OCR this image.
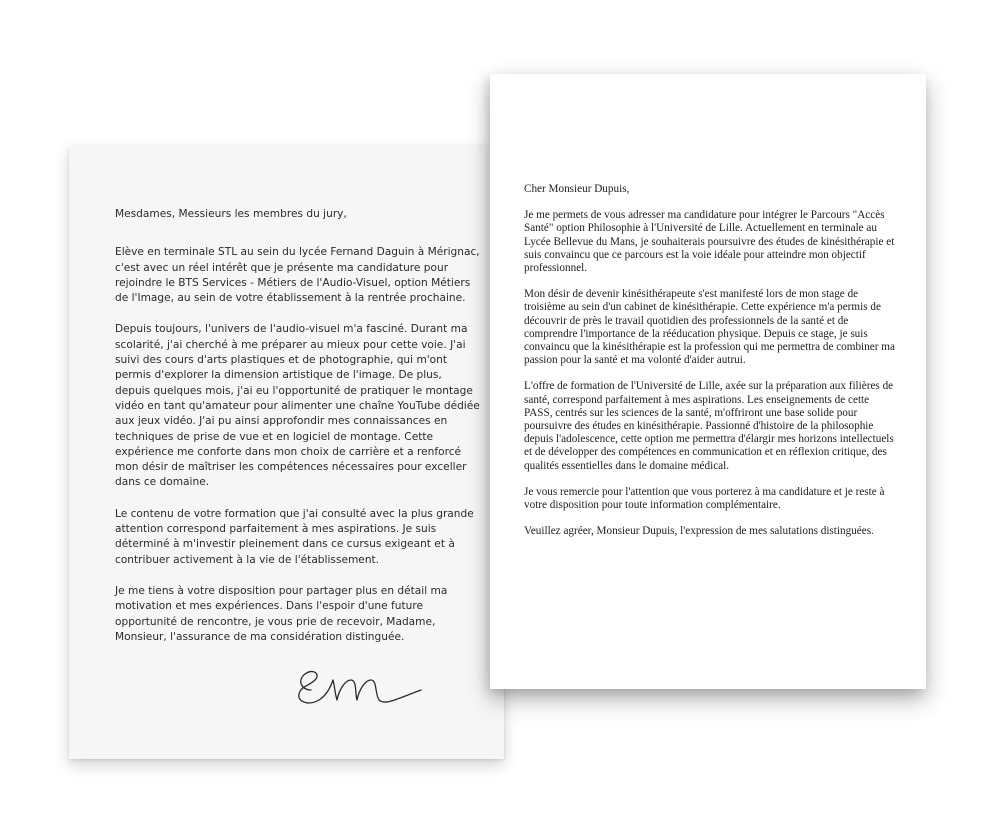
Mesdames, Messieurs les membres du jury,

Elève en terminale STL au sein du lycée Fernand Daguin à Mérignac, c'est avec un réel intérêt que je présente ma candidature pour rejoindre le BTS Services - Métiers de l'Audio-Visuel, option Métiers de l'Image, au sein de votre établissement à la rentrée prochaine.

Depuis toujours, l'univers de l'audio-visuel m'a fasciné. Durant ma scolarité, j'ai cherché à me préparer au mieux pour cette voie. J'ai suivi des cours d'arts plastiques et de photographie, qui m'ont permis d'explorer la dimension artistique de l'image. De plus, depuis quelques mois, j'ai eu l'opportunité de pratiquer le montage vidéo en tant qu'amateur pour alimenter une chaîne YouTube dédiée aux jeux vidéo. J'ai pu ainsi approfondir mes connaissances en techniques de prise de vue et en logiciel de montage. Cette expérience me conforte dans mon choix de carrière et a renforcé mon désir de maîtriser les compétences nécessaires pour exceller dans ce domaine.

Le contenu de votre formation que j'ai consulté avec la plus grande attention correspond parfaitement à mes aspirations. Je suis déterminé à m'investir pleinement dans ce cursus exigeant et à contribuer activement à la vie de l'établissement.

Je me tiens à votre disposition pour partager plus en détail ma motivation et mes expériences. Dans l'espoir d'une future opportunité de rencontre, je vous prie de recevoir, Madame, Monsieur, l'assurance de ma considération distinguée.

Cher Monsieur Dupuis,

Je me permets de vous adresser ma candidature pour intégrer le Parcours "Accès Santé" option Philosophie à l'Université de Lille. Actuellement en terminale au Lycée Bellevue du Mans, je souhaiterais poursuivre des études de kinésithérapie et suis convaincu que ce parcours est la voie idéale pour atteindre mon objectif professionnel.

Mon désir de devenir kinésithérapeute s'est manifesté lors de mon stage de troisième au sein d'un cabinet de kinésithérapie. Cette expérience m'a permis de découvrir de près le travail quotidien des professionnels de la santé et de comprendre l'importance de la rééducation physique. Depuis ce stage, je suis convaincu que la kinésithérapie est la profession qui me permettra de combiner ma passion pour la santé et ma volonté d'aider autrui.

L'offre de formation de l'Université de Lille, axée sur la préparation aux filières de santé, correspond parfaitement à mes aspirations. Les enseignements de cette PASS, centrés sur les sciences de la santé, m'offriront une base solide pour poursuivre des études en kinésithérapie. Passionné d'histoire de la philosophie depuis l'adolescence, cette option me permettra d'élargir mes horizons intellectuels et de développer des compétences en communication et en réflexion critique, des qualités essentielles dans le domaine médical.

Je vous remercie pour l'attention que vous porterez à ma candidature et je reste à votre disposition pour toute information complémentaire.

Veuillez agréer, Monsieur Dupuis, l'expression de mes salutations distinguées.
